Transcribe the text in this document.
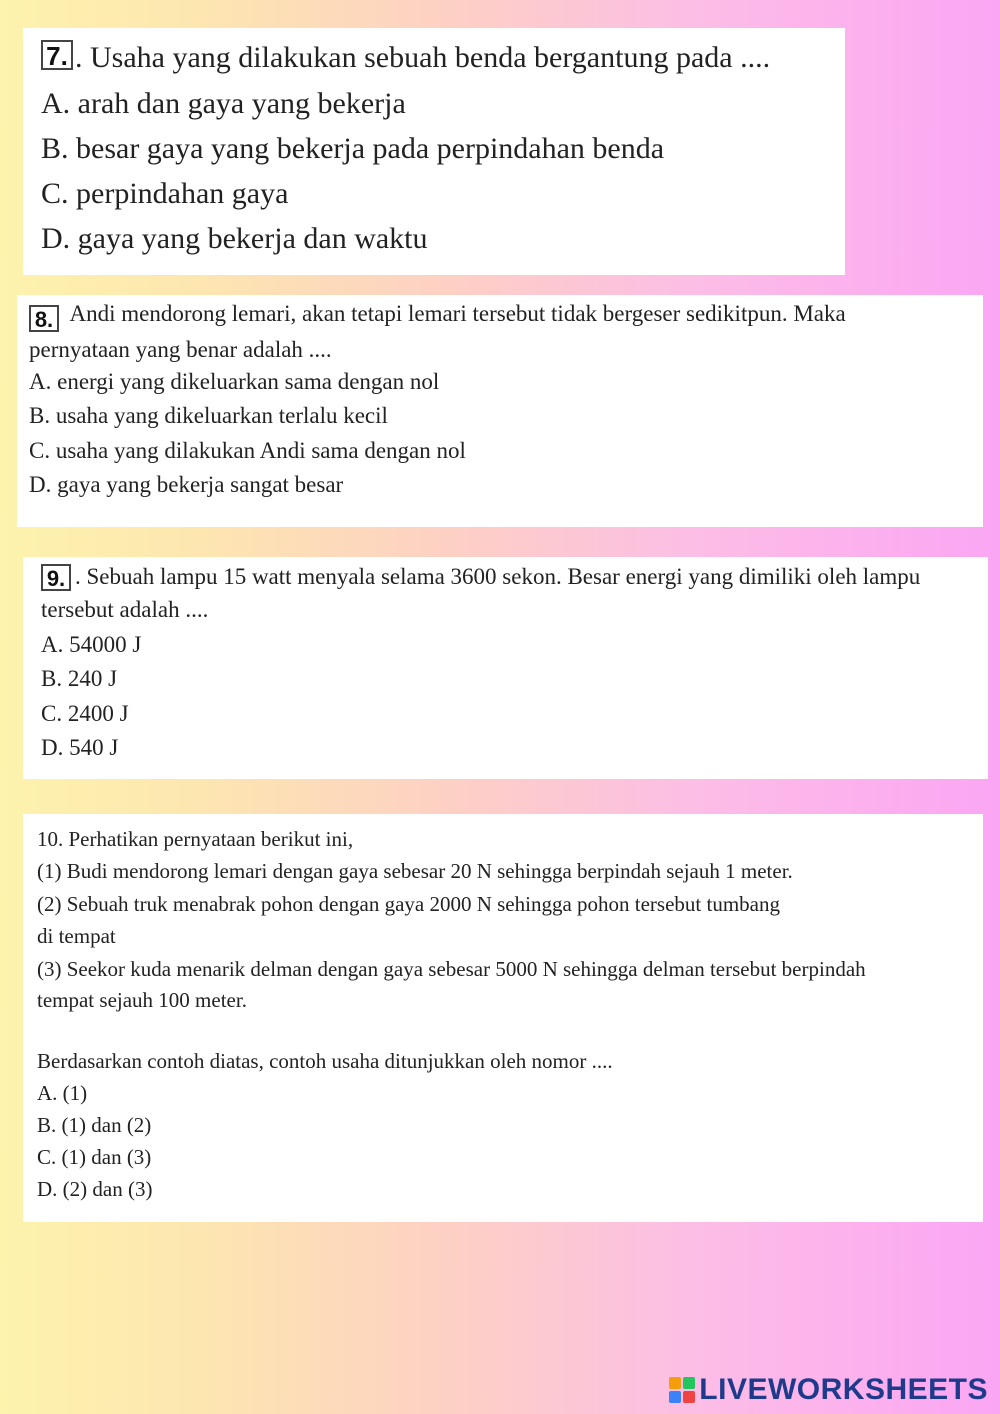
7. . Usaha yang dilakukan sebuah benda bergantung pada ....
A. arah dan gaya yang bekerja
B. besar gaya yang bekerja pada perpindahan benda
C. perpindahan gaya
D. gaya yang bekerja dan waktu
8. Andi mendorong lemari, akan tetapi lemari tersebut tidak bergeser sedikitpun. Maka
pernyataan yang benar adalah ....
A. energi yang dikeluarkan sama dengan nol
B. usaha yang dikeluarkan terlalu kecil
C. usaha yang dilakukan Andi sama dengan nol
D. gaya yang bekerja sangat besar
9. . Sebuah lampu 15 watt menyala selama 3600 sekon. Besar energi yang dimiliki oleh lampu
tersebut adalah ....
A. 54000 J
B. 240 J
C. 2400 J
D. 540 J
10. Perhatikan pernyataan berikut ini,
(1) Budi mendorong lemari dengan gaya sebesar 20 N sehingga berpindah sejauh 1 meter.
(2) Sebuah truk menabrak pohon dengan gaya 2000 N sehingga pohon tersebut tumbang
di tempat
(3) Seekor kuda menarik delman dengan gaya sebesar 5000 N sehingga delman tersebut berpindah
tempat sejauh 100 meter.
Berdasarkan contoh diatas, contoh usaha ditunjukkan oleh nomor ....
A. (1)
B. (1) dan (2)
C. (1) dan (3)
D. (2) dan (3)
LIVEWORKSHEETS
